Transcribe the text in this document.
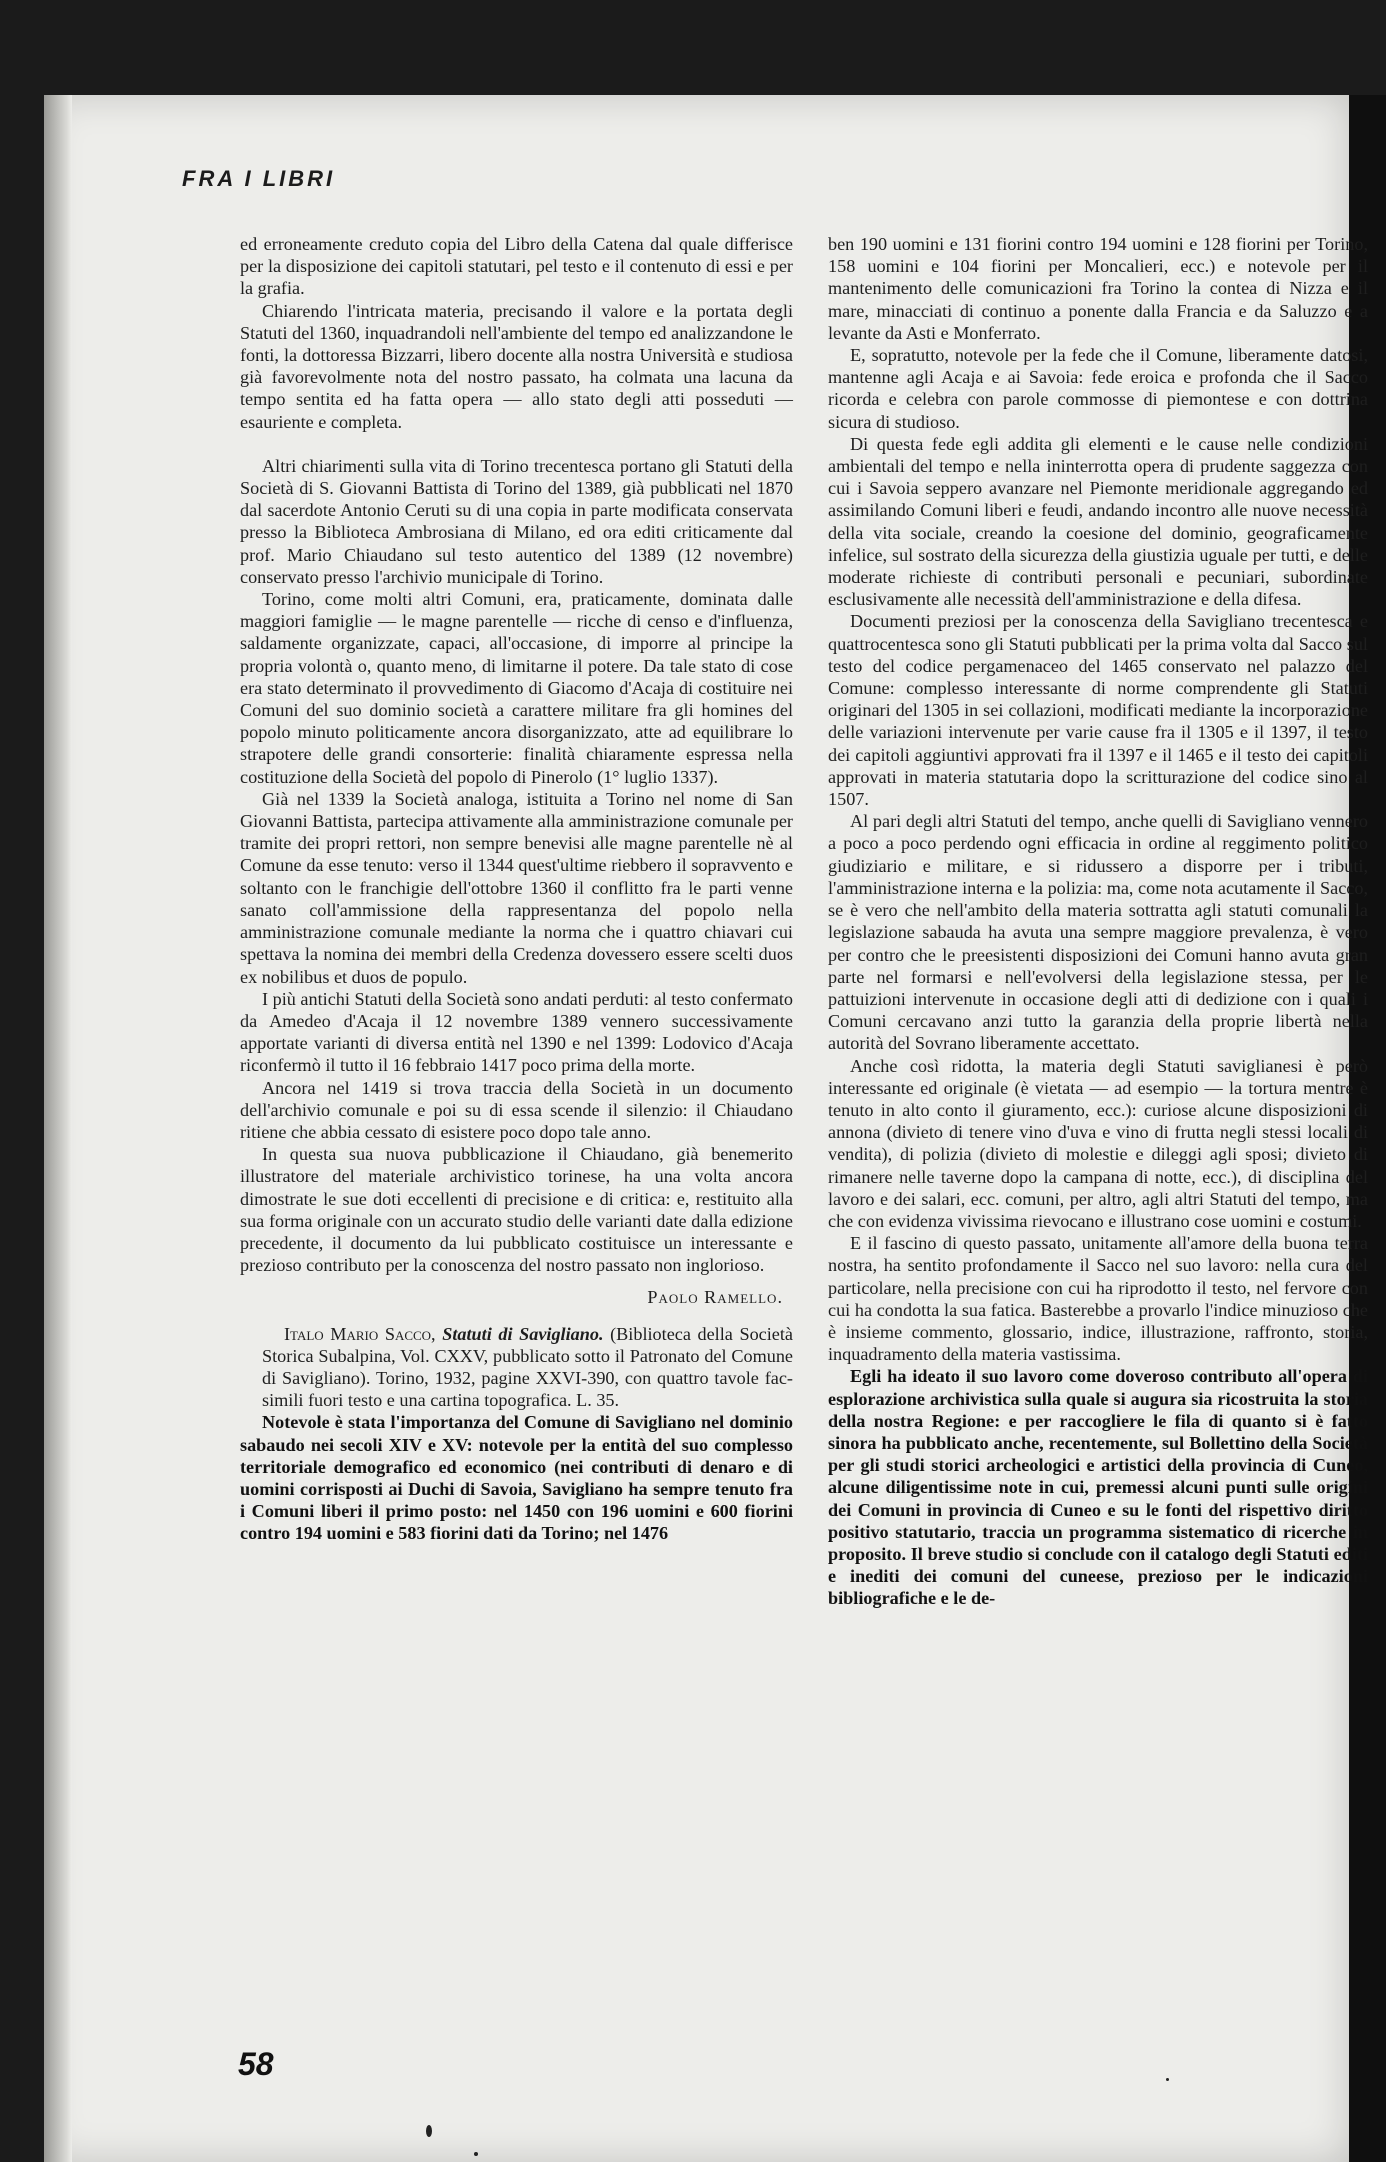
FRA I LIBRI

ed erroneamente creduto copia del Libro della Catena dal quale differisce per la disposizione dei capitoli statutari, pel testo e il contenuto di essi e per la grafia.

Chiarendo l'intricata materia, precisando il valore e la portata degli Statuti del 1360, inquadrandoli nell'ambiente del tempo ed analizzandone le fonti, la dottoressa Bizzarri, libero docente alla nostra Università e studiosa già favorevolmente nota del nostro passato, ha colmata una lacuna da tempo sentita ed ha fatta opera — allo stato degli atti posseduti — esauriente e completa.

Altri chiarimenti sulla vita di Torino trecentesca portano gli Statuti della Società di S. Giovanni Battista di Torino del 1389, già pubblicati nel 1870 dal sacerdote Antonio Ceruti su di una copia in parte modificata conservata presso la Biblioteca Ambrosiana di Milano, ed ora editi criticamente dal prof. Mario Chiaudano sul testo autentico del 1389 (12 novembre) conservato presso l'archivio municipale di Torino.

Torino, come molti altri Comuni, era, praticamente, dominata dalle maggiori famiglie — le magne parentelle — ricche di censo e d'influenza, saldamente organizzate, capaci, all'occasione, di imporre al principe la propria volontà o, quanto meno, di limitarne il potere. Da tale stato di cose era stato determinato il provvedimento di Giacomo d'Acaja di costituire nei Comuni del suo dominio società a carattere militare fra gli homines del popolo minuto politicamente ancora disorganizzato, atte ad equilibrare lo strapotere delle grandi consorterie: finalità chiaramente espressa nella costituzione della Società del popolo di Pinerolo (1° luglio 1337).

Già nel 1339 la Società analoga, istituita a Torino nel nome di San Giovanni Battista, partecipa attivamente alla amministrazione comunale per tramite dei propri rettori, non sempre benevisi alle magne parentelle nè al Comune da esse tenuto: verso il 1344 quest'ultime riebbero il sopravvento e soltanto con le franchigie dell'ottobre 1360 il conflitto fra le parti venne sanato coll'ammissione della rappresentanza del popolo nella amministrazione comunale mediante la norma che i quattro chiavari cui spettava la nomina dei membri della Credenza dovessero essere scelti duos ex nobilibus et duos de populo.

I più antichi Statuti della Società sono andati perduti: al testo confermato da Amedeo d'Acaja il 12 novembre 1389 vennero successivamente apportate varianti di diversa entità nel 1390 e nel 1399: Lodovico d'Acaja riconfermò il tutto il 16 febbraio 1417 poco prima della morte.

Ancora nel 1419 si trova traccia della Società in un documento dell'archivio comunale e poi su di essa scende il silenzio: il Chiaudano ritiene che abbia cessato di esistere poco dopo tale anno.

In questa sua nuova pubblicazione il Chiaudano, già benemerito illustratore del materiale archivistico torinese, ha una volta ancora dimostrate le sue doti eccellenti di precisione e di critica: e, restituito alla sua forma originale con un accurato studio delle varianti date dalla edizione precedente, il documento da lui pubblicato costituisce un interessante e prezioso contributo per la conoscenza del nostro passato non inglorioso.

Paolo Ramello.

Italo Mario Sacco, Statuti di Savigliano. (Biblioteca della Società Storica Subalpina, Vol. CXXV, pubblicato sotto il Patronato del Comune di Savigliano). Torino, 1932, pagine XXVI-390, con quattro tavole fac-simili fuori testo e una cartina topografica. L. 35.

Notevole è stata l'importanza del Comune di Savigliano nel dominio sabaudo nei secoli XIV e XV: notevole per la entità del suo complesso territoriale demografico ed economico (nei contributi di denaro e di uomini corrisposti ai Duchi di Savoia, Savigliano ha sempre tenuto fra i Comuni liberi il primo posto: nel 1450 con 196 uomini e 600 fiorini contro 194 uomini e 583 fiorini dati da Torino; nel 1476

ben 190 uomini e 131 fiorini contro 194 uomini e 128 fiorini per Torino, 158 uomini e 104 fiorini per Moncalieri, ecc.) e notevole per il mantenimento delle comunicazioni fra Torino la contea di Nizza e il mare, minacciati di continuo a ponente dalla Francia e da Saluzzo e a levante da Asti e Monferrato.

E, sopratutto, notevole per la fede che il Comune, liberamente datosi, mantenne agli Acaja e ai Savoia: fede eroica e profonda che il Sacco ricorda e celebra con parole commosse di piemontese e con dottrina sicura di studioso.

Di questa fede egli addita gli elementi e le cause nelle condizioni ambientali del tempo e nella ininterrotta opera di prudente saggezza con cui i Savoia seppero avanzare nel Piemonte meridionale aggregando ed assimilando Comuni liberi e feudi, andando incontro alle nuove necessità della vita sociale, creando la coesione del dominio, geograficamente infelice, sul sostrato della sicurezza della giustizia uguale per tutti, e delle moderate richieste di contributi personali e pecuniari, subordinate esclusivamente alle necessità dell'amministrazione e della difesa.

Documenti preziosi per la conoscenza della Savigliano trecentesca e quattrocentesca sono gli Statuti pubblicati per la prima volta dal Sacco sul testo del codice pergamenaceo del 1465 conservato nel palazzo del Comune: complesso interessante di norme comprendente gli Statuti originari del 1305 in sei collazioni, modificati mediante la incorporazione delle variazioni intervenute per varie cause fra il 1305 e il 1397, il testo dei capitoli aggiuntivi approvati fra il 1397 e il 1465 e il testo dei capitoli approvati in materia statutaria dopo la scritturazione del codice sino al 1507.

Al pari degli altri Statuti del tempo, anche quelli di Savigliano vennero a poco a poco perdendo ogni efficacia in ordine al reggimento politico giudiziario e militare, e si ridussero a disporre per i tributi, l'amministrazione interna e la polizia: ma, come nota acutamente il Sacco, se è vero che nell'ambito della materia sottratta agli statuti comunali la legislazione sabauda ha avuta una sempre maggiore prevalenza, è vero per contro che le preesistenti disposizioni dei Comuni hanno avuta gran parte nel formarsi e nell'evolversi della legislazione stessa, per le pattuizioni intervenute in occasione degli atti di dedizione con i quali i Comuni cercavano anzi tutto la garanzia della proprie libertà nella autorità del Sovrano liberamente accettato.

Anche così ridotta, la materia degli Statuti saviglianesi è però interessante ed originale (è vietata — ad esempio — la tortura mentre è tenuto in alto conto il giuramento, ecc.): curiose alcune disposizioni di annona (divieto di tenere vino d'uva e vino di frutta negli stessi locali di vendita), di polizia (divieto di molestie e dileggi agli sposi; divieto di rimanere nelle taverne dopo la campana di notte, ecc.), di disciplina del lavoro e dei salari, ecc. comuni, per altro, agli altri Statuti del tempo, ma che con evidenza vivissima rievocano e illustrano cose uomini e costumi.

E il fascino di questo passato, unitamente all'amore della buona terra nostra, ha sentito profondamente il Sacco nel suo lavoro: nella cura del particolare, nella precisione con cui ha riprodotto il testo, nel fervore con cui ha condotta la sua fatica. Basterebbe a provarlo l'indice minuzioso che è insieme commento, glossario, indice, illustrazione, raffronto, storia, inquadramento della materia vastissima.

Egli ha ideato il suo lavoro come doveroso contributo all'opera di esplorazione archivistica sulla quale si augura sia ricostruita la storia della nostra Regione: e per raccogliere le fila di quanto si è fatto sinora ha pubblicato anche, recentemente, sul Bollettino della Società per gli studi storici archeologici e artistici della provincia di Cuneo, alcune diligentissime note in cui, premessi alcuni punti sulle origini dei Comuni in provincia di Cuneo e su le fonti del rispettivo diritto positivo statutario, traccia un programma sistematico di ricerche in proposito. Il breve studio si conclude con il catalogo degli Statuti editi e inediti dei comuni del cuneese, prezioso per le indicazioni bibliografiche e le de-

58
